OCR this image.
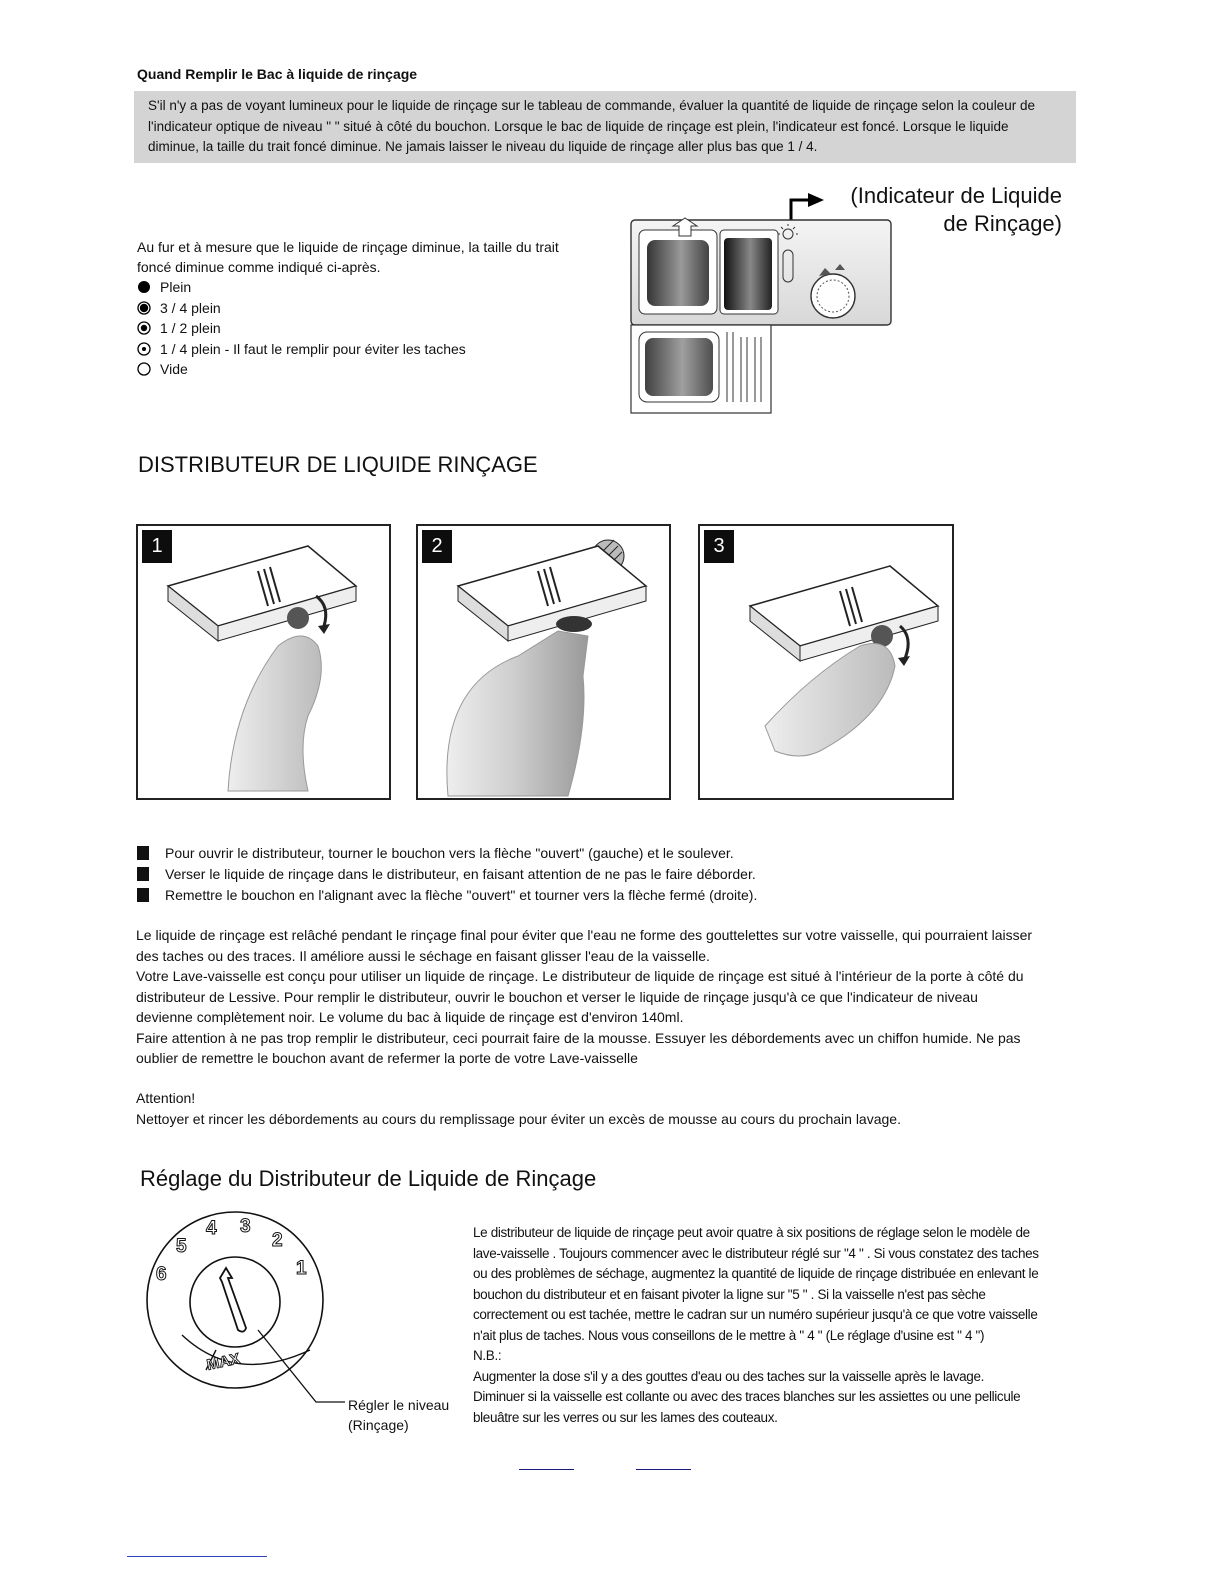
Quand Remplir le Bac à liquide de rinçage
S'il n'y a pas de voyant lumineux pour le liquide de rinçage sur le tableau de commande, évaluer la quantité de liquide de rinçage selon la couleur de
l'indicateur optique de niveau " " situé à côté du bouchon. Lorsque le bac de liquide de rinçage est plein, l'indicateur est foncé. Lorsque le liquide
diminue, la taille du trait foncé diminue. Ne jamais laisser le niveau du liquide de rinçage aller plus bas que 1 / 4.
(Indicateur de Liquide
de Rinçage)
Au fur et à mesure que le liquide de rinçage diminue, la taille du trait
foncé diminue comme indiqué ci-après.
Plein
3 / 4 plein
1 / 2 plein
1 / 4 plein - Il faut le remplir pour éviter les taches
Vide
DISTRIBUTEUR DE LIQUIDE RINÇAGE
1	2	3
Pour ouvrir le distributeur, tourner le bouchon vers la flèche "ouvert" (gauche) et le soulever.
Verser le liquide de rinçage dans le distributeur, en faisant attention de ne pas le faire déborder.
Remettre le bouchon en l'alignant avec la flèche "ouvert" et tourner vers la flèche fermé (droite).

Le liquide de rinçage est relâché pendant le rinçage final pour éviter que l'eau ne forme des gouttelettes sur votre vaisselle, qui pourraient laisser

des taches ou des traces. Il améliore aussi le séchage en faisant glisser l'eau de la vaisselle.

Votre Lave-vaisselle est conçu pour utiliser un liquide de rinçage. Le distributeur de liquide de rinçage est situé à l'intérieur de la porte à côté du

distributeur de Lessive. Pour remplir le distributeur, ouvrir le bouchon et verser le liquide de rinçage jusqu'à ce que l'indicateur de niveau

devienne complètement noir. Le volume du bac à liquide de rinçage est d'environ 140ml.

Faire attention à ne pas trop remplir le distributeur, ceci pourrait faire de la mousse. Essuyer les débordements avec un chiffon humide. Ne pas

oublier de remettre le bouchon avant de refermer la porte de votre Lave-vaisselle

Attention!

Nettoyer et rincer les débordements au cours du remplissage pour éviter un excès de mousse au cours du prochain lavage.

Réglage du Distributeur de Liquide de Rinçage
6
5
4 3
2
1
MAX
Régler le niveau
(Rinçage)

Le distributeur de liquide de rinçage peut avoir quatre à six positions de réglage selon le modèle de

lave-vaisselle . Toujours commencer avec le distributeur réglé sur "4 " . Si vous constatez des taches

ou des problèmes de séchage, augmentez la quantité de liquide de rinçage distribuée en enlevant le

bouchon du distributeur et en faisant pivoter la ligne sur "5 " . Si la vaisselle n'est pas sèche

correctement ou est tachée, mettre le cadran sur un numéro supérieur jusqu'à ce que votre vaisselle

n'ait plus de taches. Nous vous conseillons de le mettre à " 4 " (Le réglage d'usine est " 4 ")

N.B.:

Augmenter la dose s'il y a des gouttes d'eau ou des taches sur la vaisselle après le lavage.

Diminuer si la vaisselle est collante ou avec des traces blanches sur les assiettes ou une pellicule

bleuâtre sur les verres ou sur les lames des couteaux.
